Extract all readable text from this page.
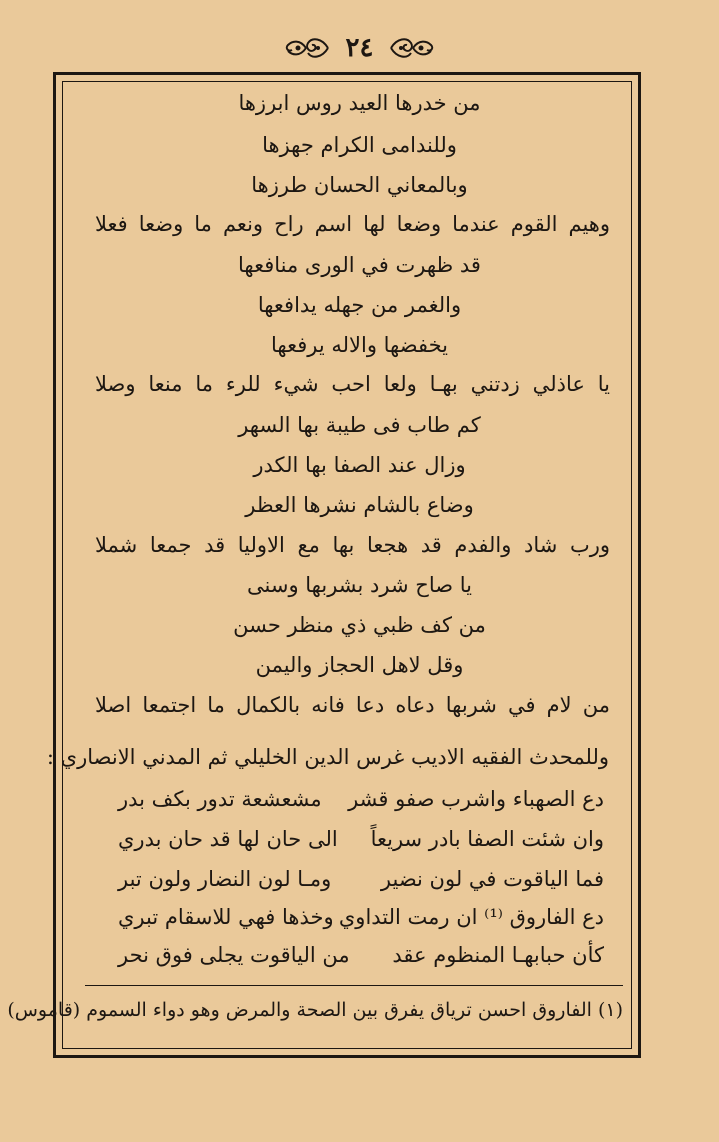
٢٤
من خدرها العيد روس ابرزها
وللندامى الكرام جهزها
وبالمعاني الحسان طرزها
وهيم القوم عندما وضعا لها اسم راح ونعم ما وضعا فعلا
قد ظهرت في الورى منافعها
والغمر من جهله يدافعها
يخفضها والاله يرفعها
يا عاذلي زدتني بهـا ولعا احب شيء للرء ما منعا وصلا
كم طاب فى طيبة بها السهر
وزال عند الصفا بها الكدر
وضاع بالشام نشرها العظر
ورب شاد والفدم قد هجعا بها مع الاوليا قد جمعا شملا
يا صاح شرد بشربها وسنى
من كف ظبي ذي منظر حسن
وقل لاهل الحجاز واليمن
من لام في شربها دعاه دعا فانه بالكمال ما اجتمعا اصلا
وللمحدث الفقيه الاديب غرس الدين الخليلي ثم المدني الانصاري :
دع الصهباء واشرب صفو قشر
مشعشعة تدور بكف بدر
وان شئت الصفا بادر سريعاً
الى حان لها قد حان بدري
فما الياقوت في لون نضير
ومـا لون النضار ولون تبر
دع الفاروق ⁽¹⁾ ان رمت التداوي
وخذها فهي للاسقام تبري
كأن حبابهـا المنظوم عقد
من الياقوت يجلى فوق نحر
(١) الفاروق احسن ترياق يفرق بين الصحة والمرض وهو دواء السموم (قاموس)
